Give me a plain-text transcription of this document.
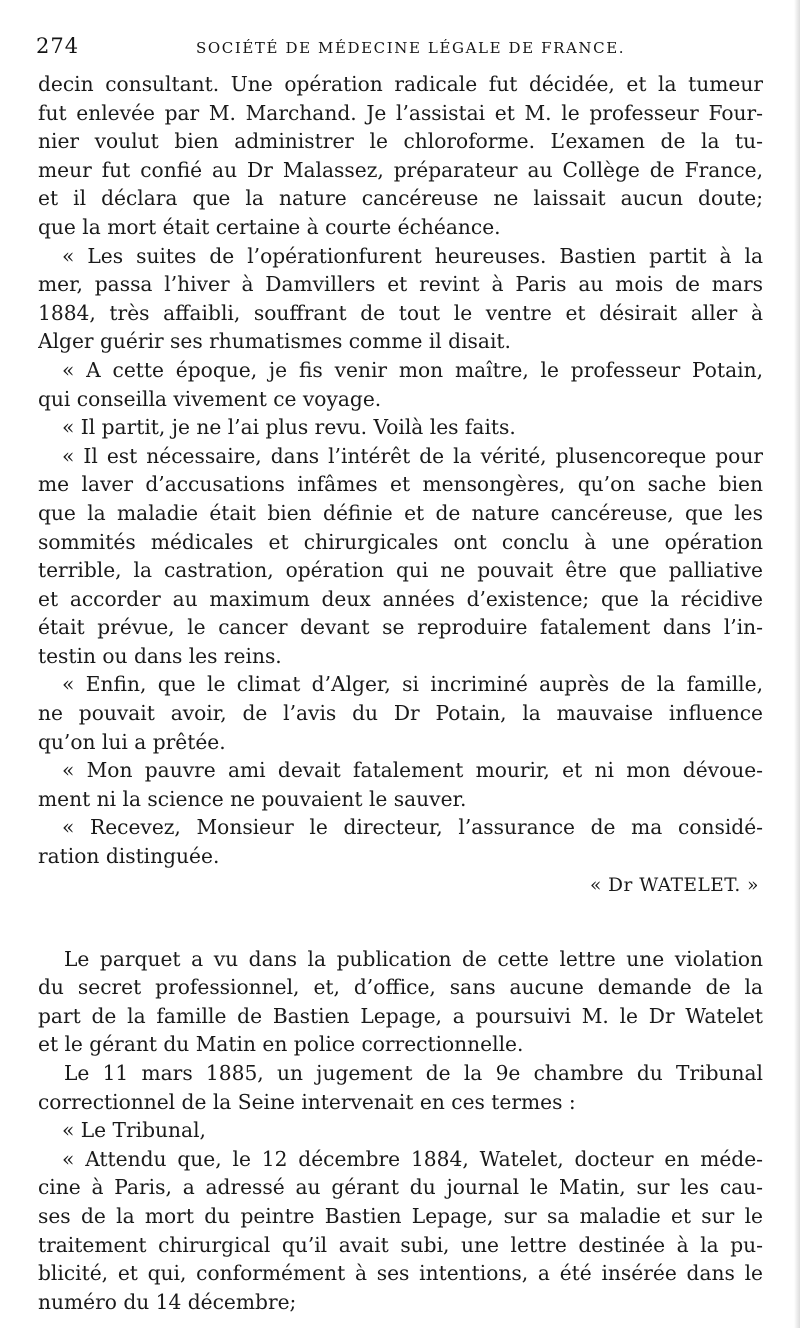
274	SOCIÉTÉ DE MÉDECINE LÉGALE DE FRANCE.
decin consultant. Une opération radicale fut décidée, et la tumeur
fut enlevée par M. Marchand. Je l’assistai et M. le professeur Four-
nier voulut bien administrer le chloroforme. L’examen de la tu-
meur fut confié au Dr Malassez, préparateur au Collège de France,
et il déclara que la nature cancéreuse ne laissait aucun doute;
que la mort était certaine à courte échéance.
« Les suites de l’opérationfurent heureuses. Bastien partit à la
mer, passa l’hiver à Damvillers et revint à Paris au mois de mars
1884, très affaibli, souffrant de tout le ventre et désirait aller à
Alger guérir ses rhumatismes comme il disait.
« A cette époque, je fis venir mon maître, le professeur Potain,
qui conseilla vivement ce voyage.
« Il partit, je ne l’ai plus revu. Voilà les faits.
« Il est nécessaire, dans l’intérêt de la vérité, plusencoreque pour
me laver d’accusations infâmes et mensongères, qu’on sache bien
que la maladie était bien définie et de nature cancéreuse, que les
sommités médicales et chirurgicales ont conclu à une opération
terrible, la castration, opération qui ne pouvait être que palliative
et accorder au maximum deux années d’existence; que la récidive
était prévue, le cancer devant se reproduire fatalement dans l’in-
testin ou dans les reins.
« Enfin, que le climat d’Alger, si incriminé auprès de la famille,
ne pouvait avoir, de l’avis du Dr Potain, la mauvaise influence
qu’on lui a prêtée.
« Mon pauvre ami devait fatalement mourir, et ni mon dévoue-
ment ni la science ne pouvaient le sauver.
« Recevez, Monsieur le directeur, l’assurance de ma considé-
ration distinguée.
« Dr WATELET. »
Le parquet a vu dans la publication de cette lettre une violation
du secret professionnel, et, d’office, sans aucune demande de la
part de la famille de Bastien Lepage, a poursuivi M. le Dr Watelet
et le gérant du Matin en police correctionnelle.
Le 11 mars 1885, un jugement de la 9e chambre du Tribunal
correctionnel de la Seine intervenait en ces termes :
« Le Tribunal,
« Attendu que, le 12 décembre 1884, Watelet, docteur en méde-
cine à Paris, a adressé au gérant du journal le Matin, sur les cau-
ses de la mort du peintre Bastien Lepage, sur sa maladie et sur le
traitement chirurgical qu’il avait subi, une lettre destinée à la pu-
blicité, et qui, conformément à ses intentions, a été insérée dans le
numéro du 14 décembre;
